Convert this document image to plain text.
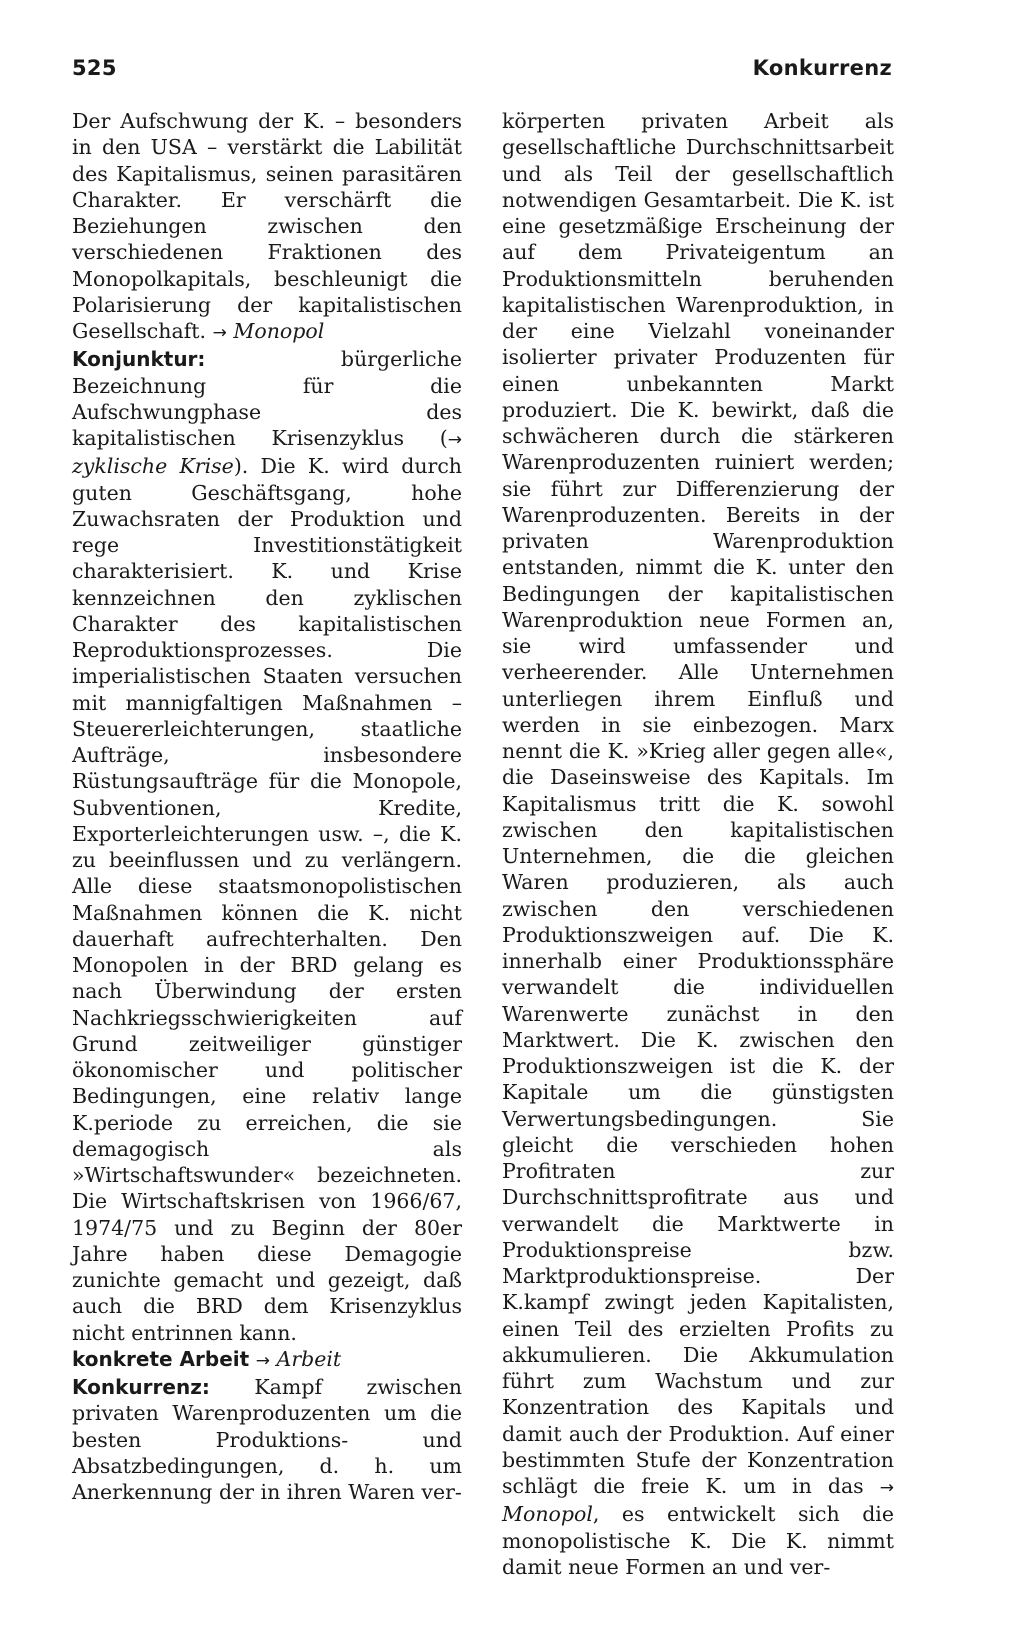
525	Konkurrenz

Der Aufschwung der K. – besonders in den USA – verstärkt die Labilität des Kapitalismus, seinen parasitären Charakter. Er verschärft die Beziehungen zwischen den verschiedenen Fraktionen des Monopolkapitals, beschleunigt die Polarisierung der kapitalistischen Gesellschaft. → Monopol

Konjunktur:	bürgerliche Bezeichnung für die Aufschwungphase des kapitalistischen Krisenzyklus (→ zyklische Krise). Die K. wird durch guten Geschäftsgang, hohe Zuwachsraten der Produktion und rege Investitionstätigkeit charakterisiert. K. und Krise kennzeichnen den zyklischen Charakter des kapitalistischen Reproduktionsprozesses. Die imperialistischen Staaten versuchen mit mannigfaltigen Maßnahmen – Steuererleichterungen, staatliche Aufträge, insbesondere Rüstungsaufträge für die Monopole, Subventionen, Kredite, Exporterleichterungen usw. –, die K. zu beeinflussen und zu verlängern. Alle diese staatsmonopolistischen Maßnahmen können die K. nicht dauerhaft aufrechterhalten. Den Monopolen in der BRD gelang es nach Überwindung der ersten Nachkriegsschwierigkeiten auf Grund zeitweiliger günstiger ökonomischer und politischer Bedingungen, eine relativ lange K.periode zu erreichen, die sie demagogisch als »Wirtschaftswunder« bezeichneten. Die Wirtschaftskrisen von 1966/67, 1974/75 und zu Beginn der 80er Jahre haben diese Demagogie zunichte gemacht und gezeigt, daß auch die BRD dem Krisenzyklus nicht entrinnen kann.

konkrete Arbeit → Arbeit

Konkurrenz: Kampf zwischen privaten Warenproduzenten um die besten Produktions- und Absatzbedingungen, d. h. um Anerkennung der in ihren Waren ver-

körperten privaten Arbeit als gesellschaftliche Durchschnittsarbeit und als Teil der gesellschaftlich notwendigen Gesamtarbeit. Die K. ist eine gesetzmäßige Erscheinung der auf dem Privateigentum an Produktionsmitteln beruhenden kapitalistischen Warenproduktion, in der eine Vielzahl voneinander isolierter privater Produzenten für einen unbekannten Markt produziert. Die K. bewirkt, daß die schwächeren durch die stärkeren Warenproduzenten ruiniert werden; sie führt zur Differenzierung der Warenproduzenten. Bereits in der privaten Warenproduktion entstanden, nimmt die K. unter den Bedingungen der kapitalistischen Warenproduktion neue Formen an, sie wird umfassender und verheerender. Alle Unternehmen unterliegen ihrem Einfluß und werden in sie einbezogen. Marx nennt die K. »Krieg aller gegen alle«, die Daseinsweise des Kapitals. Im Kapitalismus tritt die K. sowohl zwischen den kapitalistischen Unternehmen, die die gleichen Waren produzieren, als auch zwischen den verschiedenen Produktionszweigen auf. Die K. innerhalb einer Produktionssphäre verwandelt die individuellen Warenwerte zunächst in den Marktwert. Die K. zwischen den Produktionszweigen ist die K. der Kapitale um die günstigsten Verwertungsbedingungen. Sie gleicht die verschieden hohen Profitraten zur Durchschnittsprofitrate aus und verwandelt die Marktwerte in Produktionspreise bzw. Marktproduktionspreise. Der K.kampf zwingt jeden Kapitalisten, einen Teil des erzielten Profits zu akkumulieren. Die Akkumulation führt zum Wachstum und zur Konzentration des Kapitals und damit auch der Produktion. Auf einer bestimmten Stufe der Konzentration schlägt die freie K. um in das → Monopol, es entwickelt sich die monopolistische K. Die K. nimmt damit neue Formen an und ver-
